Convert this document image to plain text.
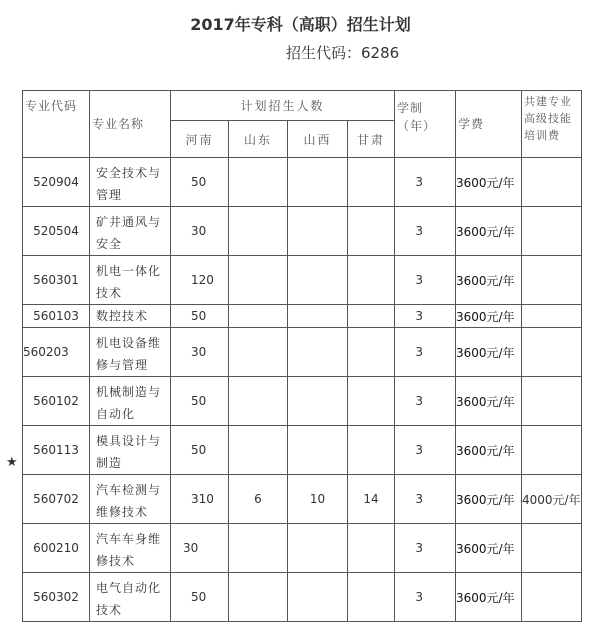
2017年专科（高职）招生计划
招生代码：6286
★
专业代码	专业名称	计划招生人数				学制（年）	学费	共建专业高级技能培训费
		河南	山东	山西	甘肃			
520904	安全技术与管理	50				3	3600元/年	
520504	矿井通风与安全	30				3	3600元/年	
560301	机电一体化技术	120				3	3600元/年	
560103	数控技术	50				3	3600元/年	
560203	机电设备维修与管理	30				3	3600元/年	
560102	机械制造与自动化	50				3	3600元/年	
560113	模具设计与制造	50				3	3600元/年	
560702	汽车检测与维修技术	310	6	10	14	3	3600元/年	4000元/年
600210	汽车车身维修技术	30				3	3600元/年	
560302	电气自动化技术	50				3	3600元/年	
